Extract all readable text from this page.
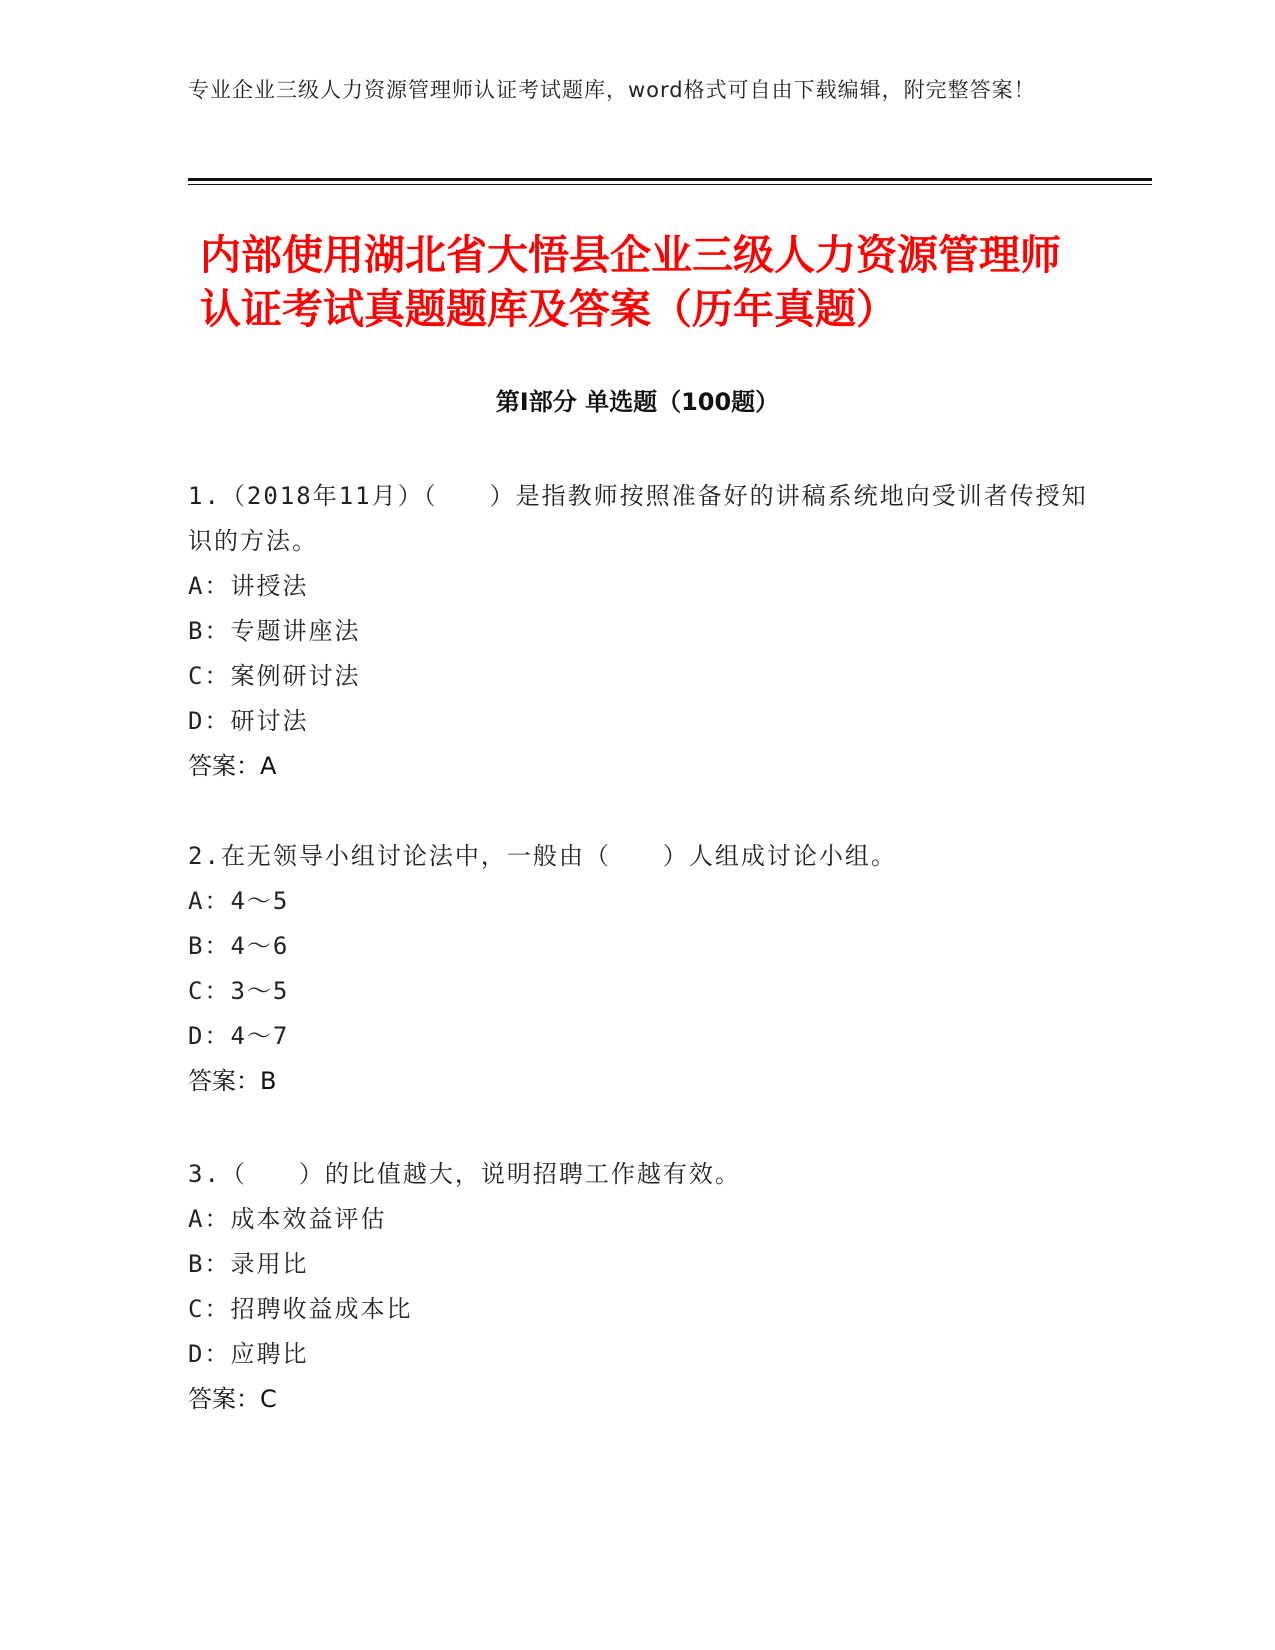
专业企业三级人力资源管理师认证考试题库，word格式可自由下载编辑，附完整答案！
内部使用湖北省大悟县企业三级人力资源管理师认证考试真题题库及答案（历年真题）
第Ⅰ部分 单选题（100题）

1.（2018年11月）（　　）是指教师按照准备好的讲稿系统地向受训者传授知识的方法。

A：讲授法

B：专题讲座法

C：案例研讨法

D：研讨法

答案：A

2.在无领导小组讨论法中，一般由（　　）人组成讨论小组。

A：4～5

B：4～6

C：3～5

D：4～7

答案：B

3.（　　）的比值越大，说明招聘工作越有效。

A：成本效益评估

B：录用比

C：招聘收益成本比

D：应聘比

答案：C
